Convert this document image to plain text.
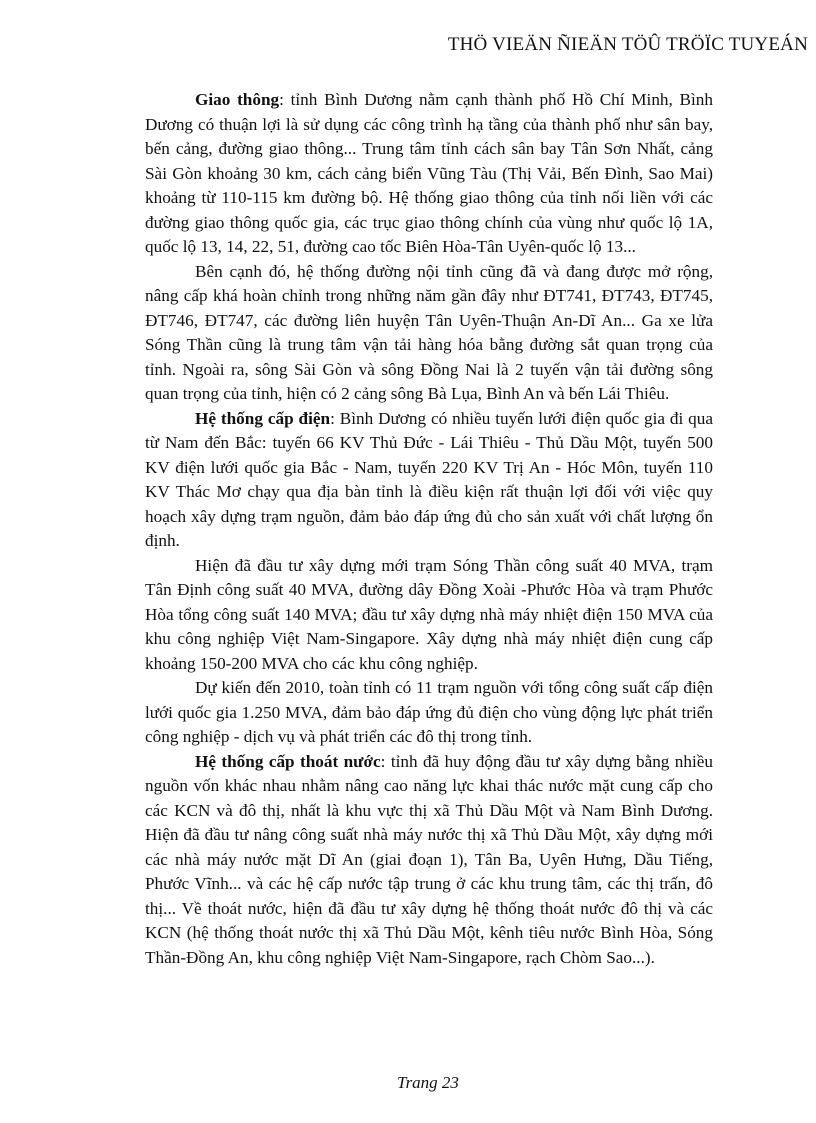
THÖ VIEÄN ÑIEÄN TÖÛ TRÖÏC TUYEÁN

Giao thông: tỉnh Bình Dương nằm cạnh thành phố Hồ Chí Minh, Bình Dương có thuận lợi là sử dụng các công trình hạ tầng của thành phố như sân bay, bến cảng, đường giao thông... Trung tâm tỉnh cách sân bay Tân Sơn Nhất, cảng Sài Gòn khoảng 30 km, cách cảng biển Vũng Tàu (Thị Vải, Bến Đình, Sao Mai) khoảng từ 110-115 km đường bộ. Hệ thống giao thông của tỉnh nối liền với các đường giao thông quốc gia, các trục giao thông chính của vùng như quốc lộ 1A, quốc lộ 13, 14, 22, 51, đường cao tốc Biên Hòa-Tân Uyên-quốc lộ 13...

Bên cạnh đó, hệ thống đường nội tỉnh cũng đã và đang được mở rộng, nâng cấp khá hoàn chỉnh trong những năm gần đây như ĐT741, ĐT743, ĐT745, ĐT746, ĐT747, các đường liên huyện Tân Uyên-Thuận An-Dĩ An... Ga xe lửa Sóng Thần cũng là trung tâm vận tải hàng hóa bằng đường sắt quan trọng của tỉnh. Ngoài ra, sông Sài Gòn và sông Đồng Nai là 2 tuyến vận tải đường sông quan trọng của tỉnh, hiện có 2 cảng sông Bà Lụa, Bình An và bến Lái Thiêu.

Hệ thống cấp điện: Bình Dương có nhiều tuyến lưới điện quốc gia đi qua từ Nam đến Bắc: tuyến 66 KV Thủ Đức - Lái Thiêu - Thủ Dầu Một, tuyến 500 KV điện lưới quốc gia Bắc - Nam, tuyến 220 KV Trị An - Hóc Môn, tuyến 110 KV Thác Mơ chạy qua địa bàn tỉnh là điều kiện rất thuận lợi đối với việc quy hoạch xây dựng trạm nguồn, đảm bảo đáp ứng đủ cho sản xuất với chất lượng ổn định.

Hiện đã đầu tư xây dựng mới trạm Sóng Thần công suất 40 MVA, trạm Tân Định công suất 40 MVA, đường dây Đồng Xoài -Phước Hòa và trạm Phước Hòa tổng công suất 140 MVA; đầu tư xây dựng nhà máy nhiệt điện 150 MVA của khu công nghiệp Việt Nam-Singapore. Xây dựng nhà máy nhiệt điện cung cấp khoảng 150-200 MVA cho các khu công nghiệp.

Dự kiến đến 2010, toàn tỉnh có 11 trạm nguồn với tổng công suất cấp điện lưới quốc gia 1.250 MVA, đảm bảo đáp ứng đủ điện cho vùng động lực phát triển công nghiệp - dịch vụ và phát triển các đô thị trong tỉnh.

Hệ thống cấp thoát nước: tỉnh đã huy động đầu tư xây dựng bằng nhiều nguồn vốn khác nhau nhằm nâng cao năng lực khai thác nước mặt cung cấp cho các KCN và đô thị, nhất là khu vực thị xã Thủ Dầu Một và Nam Bình Dương. Hiện đã đầu tư nâng công suất nhà máy nước thị xã Thủ Dầu Một, xây dựng mới các nhà máy nước mặt Dĩ An (giai đoạn 1), Tân Ba, Uyên Hưng, Dầu Tiếng, Phước Vĩnh... và các hệ cấp nước tập trung ở các khu trung tâm, các thị trấn, đô thị... Về thoát nước, hiện đã đầu tư xây dựng hệ thống thoát nước đô thị và các KCN (hệ thống thoát nước thị xã Thủ Dầu Một, kênh tiêu nước Bình Hòa, Sóng Thần-Đồng An, khu công nghiệp Việt Nam-Singapore, rạch Chòm Sao...).

Trang 23
